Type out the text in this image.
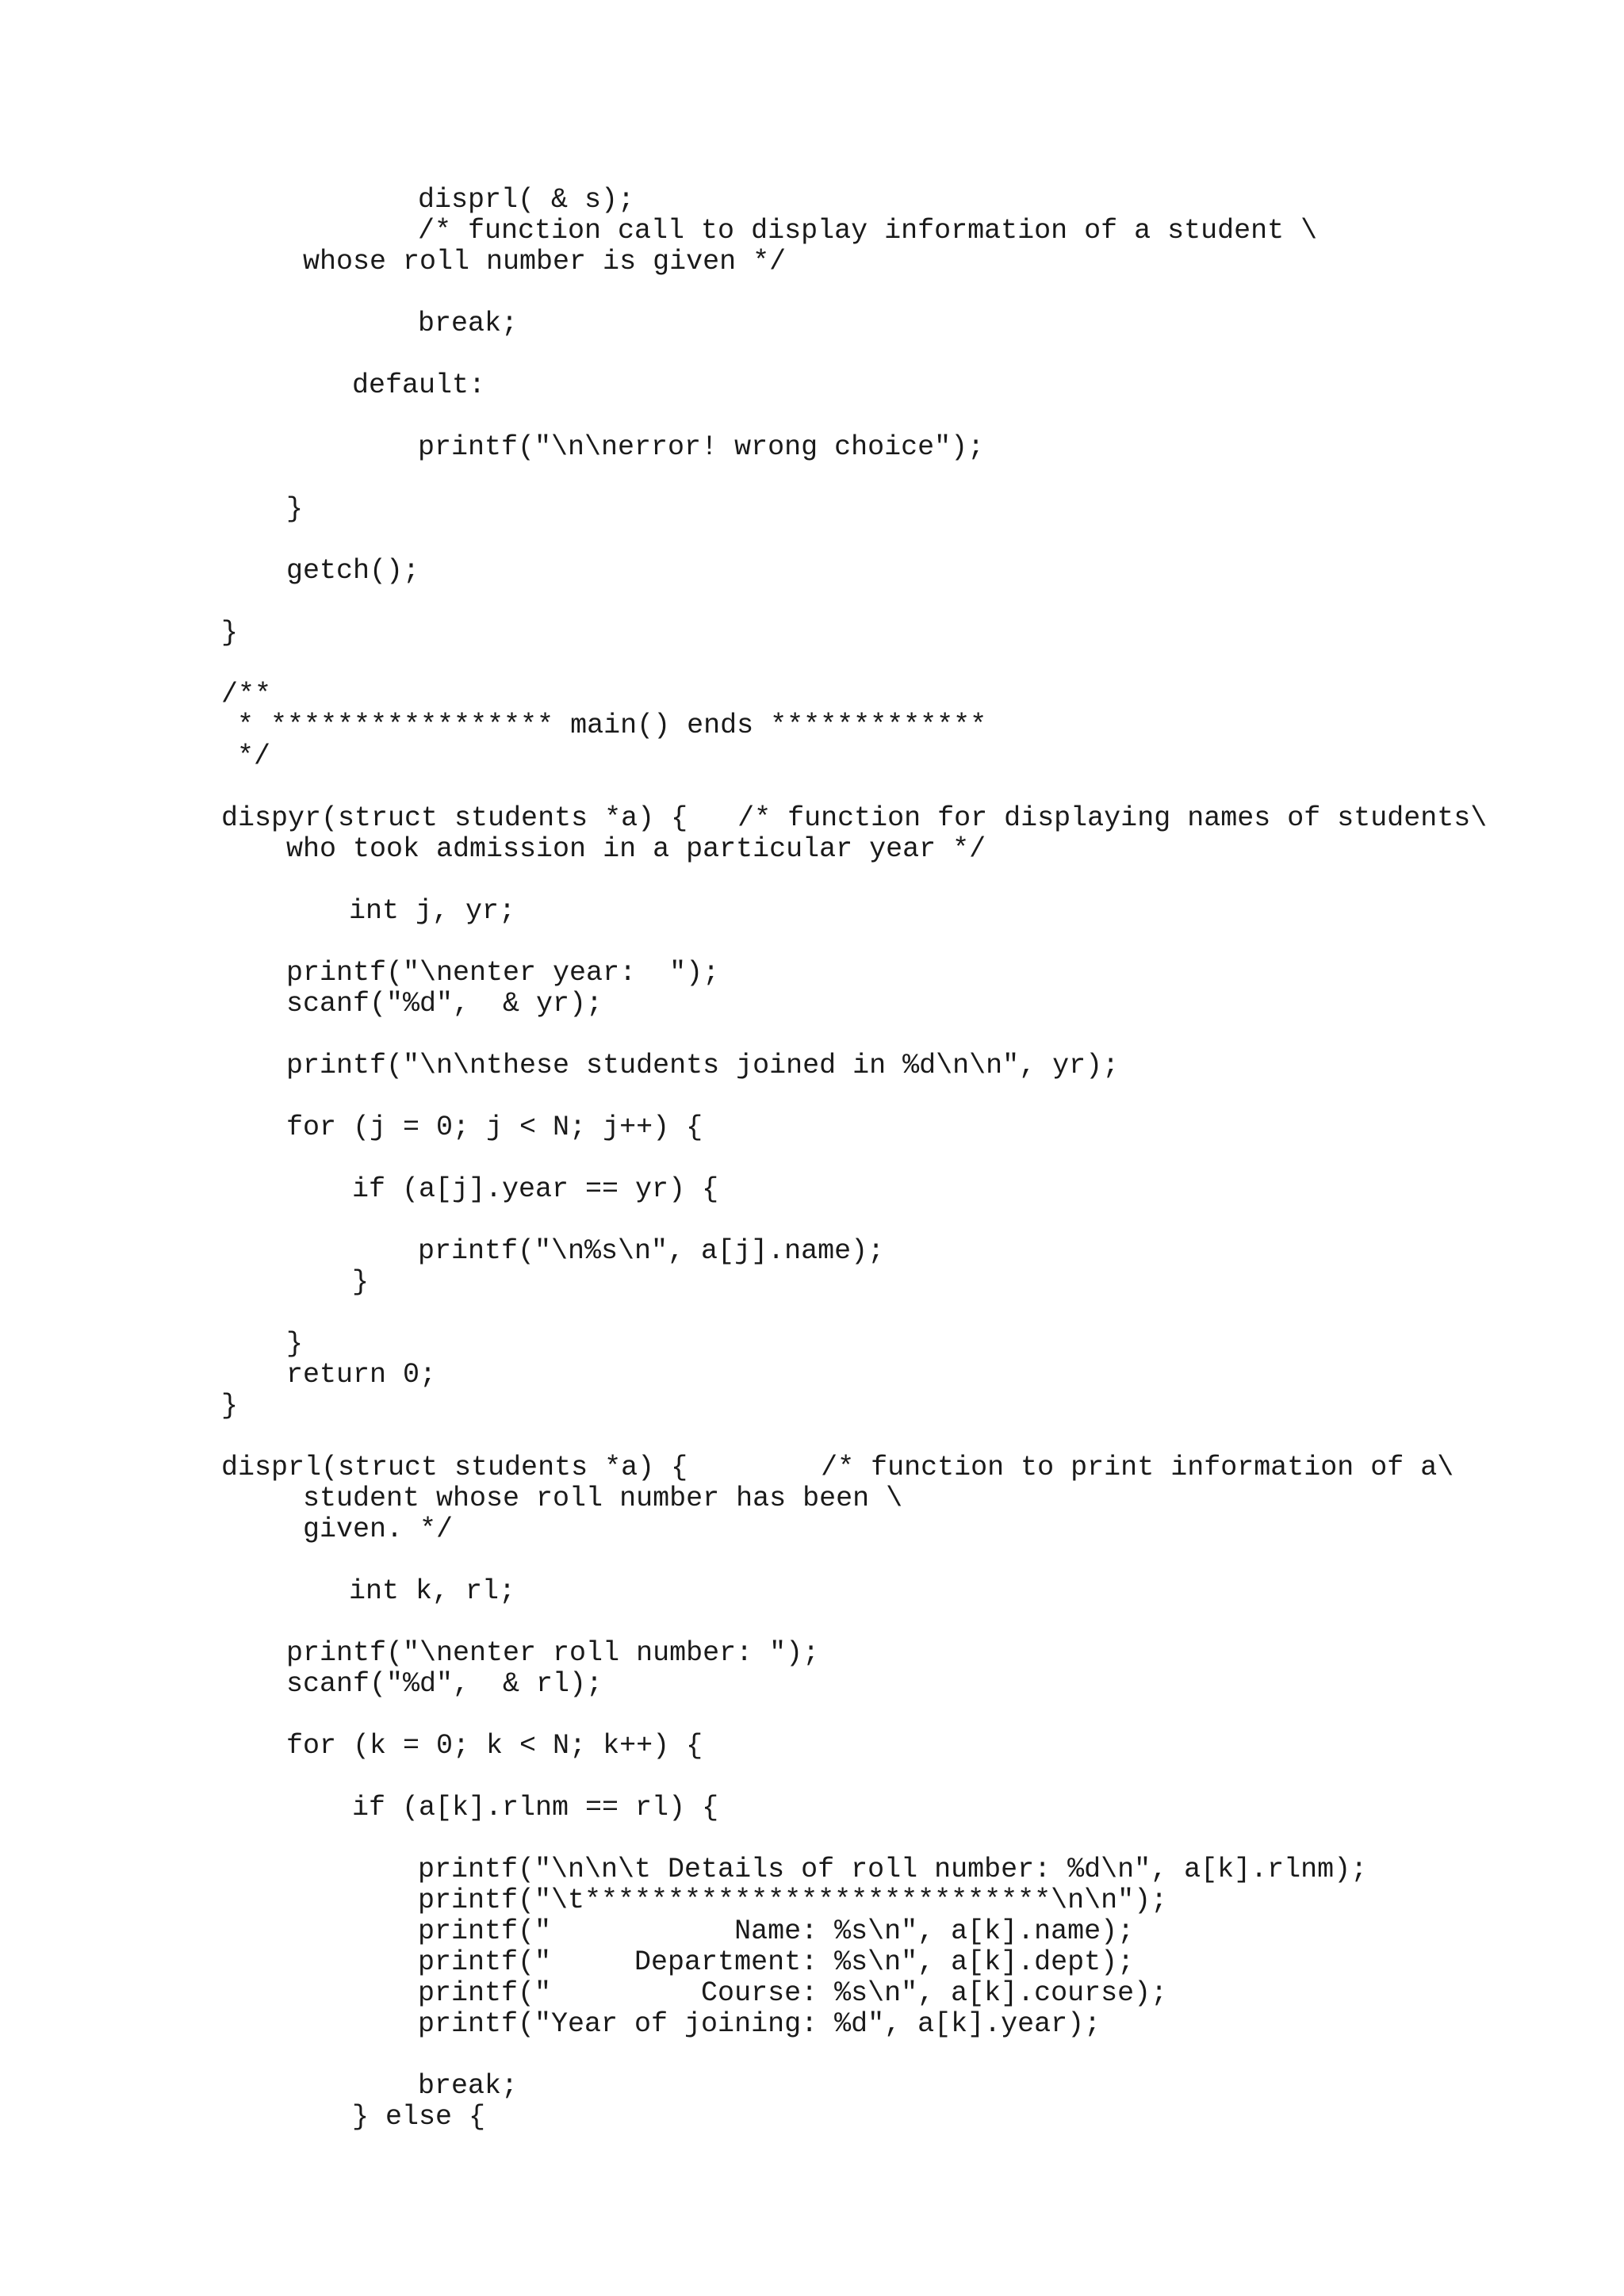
disprl( & s);
/* function call to display information of a student \
whose roll number is given */
break;
default:
printf("\n\nerror! wrong choice");
}
getch();
}
/**
* ***************** main() ends *************
*/
dispyr(struct students *a) {   /* function for displaying names of students\
who took admission in a particular year */
int j, yr;
printf("\nenter year:  ");
scanf("%d",  & yr);
printf("\n\nthese students joined in %d\n\n", yr);
for (j = 0; j < N; j++) {
if (a[j].year == yr) {
printf("\n%s\n", a[j].name);
}
}
return 0;
}
disprl(struct students *a) {        /* function to print information of a\
student whose roll number has been \
given. */
int k, rl;
printf("\nenter roll number: ");
scanf("%d",  & rl);
for (k = 0; k < N; k++) {
if (a[k].rlnm == rl) {
printf("\n\n\t Details of roll number: %d\n", a[k].rlnm);
printf("\t****************************\n\n");
printf("           Name: %s\n", a[k].name);
printf("     Department: %s\n", a[k].dept);
printf("         Course: %s\n", a[k].course);
printf("Year of joining: %d", a[k].year);
break;
} else {
